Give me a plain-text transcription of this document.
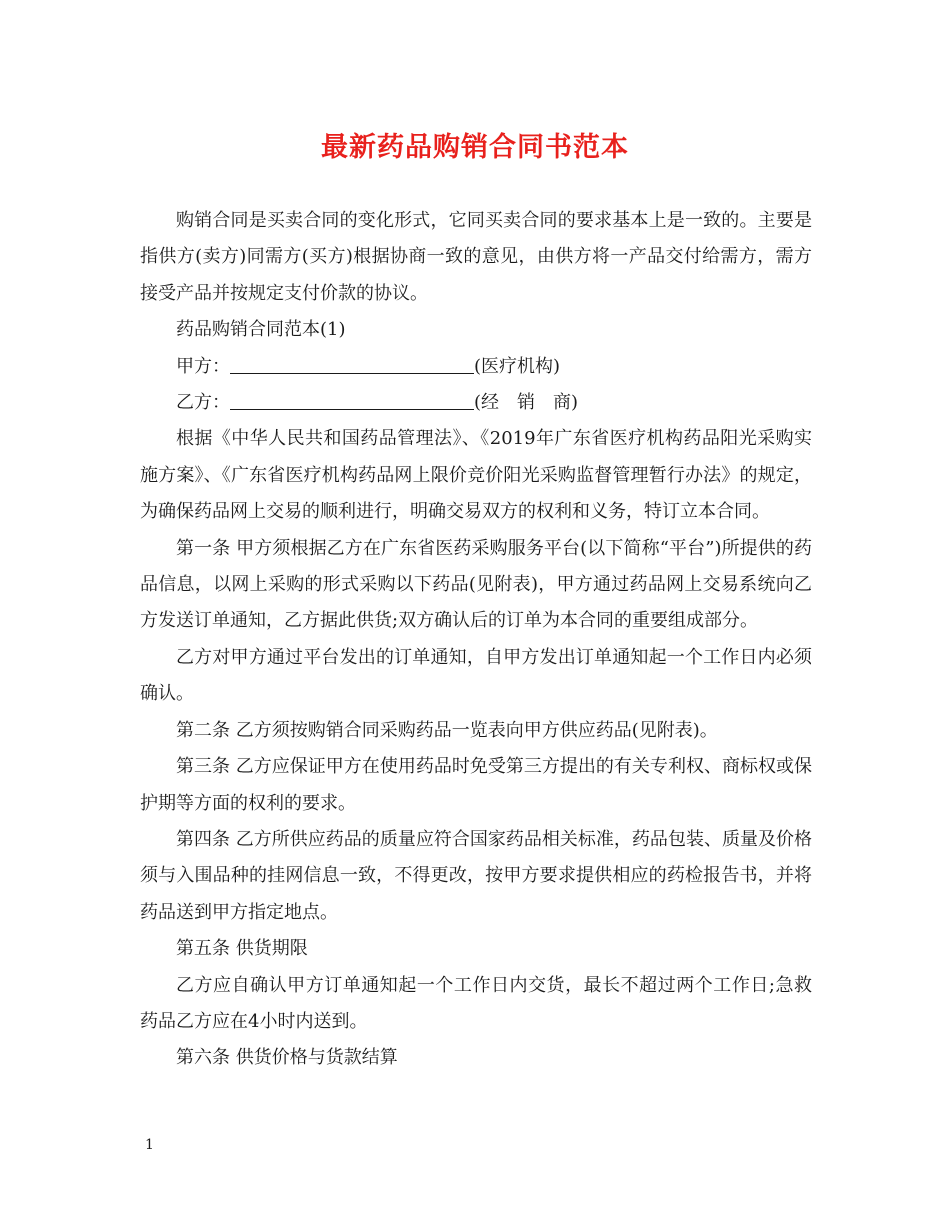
最新药品购销合同书范本

购销合同是买卖合同的变化形式，它同买卖合同的要求基本上是一致的。主要是指供方(卖方)同需方(买方)根据协商一致的意见，由供方将一产品交付给需方，需方接受产品并按规定支付价款的协议。

药品购销合同范本(1)

甲方：	(医疗机构)

乙方：	(经　销　商)

根据《中华人民共和国药品管理法》、《2019年广东省医疗机构药品阳光采购实施方案》、《广东省医疗机构药品网上限价竞价阳光采购监督管理暂行办法》的规定，为确保药品网上交易的顺利进行，明确交易双方的权利和义务，特订立本合同。

第一条 甲方须根据乙方在广东省医药采购服务平台(以下简称“平台”)所提供的药品信息，以网上采购的形式采购以下药品(见附表)，甲方通过药品网上交易系统向乙方发送订单通知，乙方据此供货;双方确认后的订单为本合同的重要组成部分。

乙方对甲方通过平台发出的订单通知，自甲方发出订单通知起一个工作日内必须确认。

第二条 乙方须按购销合同采购药品一览表向甲方供应药品(见附表)。

第三条 乙方应保证甲方在使用药品时免受第三方提出的有关专利权、商标权或保护期等方面的权利的要求。

第四条 乙方所供应药品的质量应符合国家药品相关标准，药品包装、质量及价格须与入围品种的挂网信息一致，不得更改，按甲方要求提供相应的药检报告书，并将药品送到甲方指定地点。

第五条 供货期限

乙方应自确认甲方订单通知起一个工作日内交货，最长不超过两个工作日;急救药品乙方应在4小时内送到。

第六条 供货价格与货款结算

1
